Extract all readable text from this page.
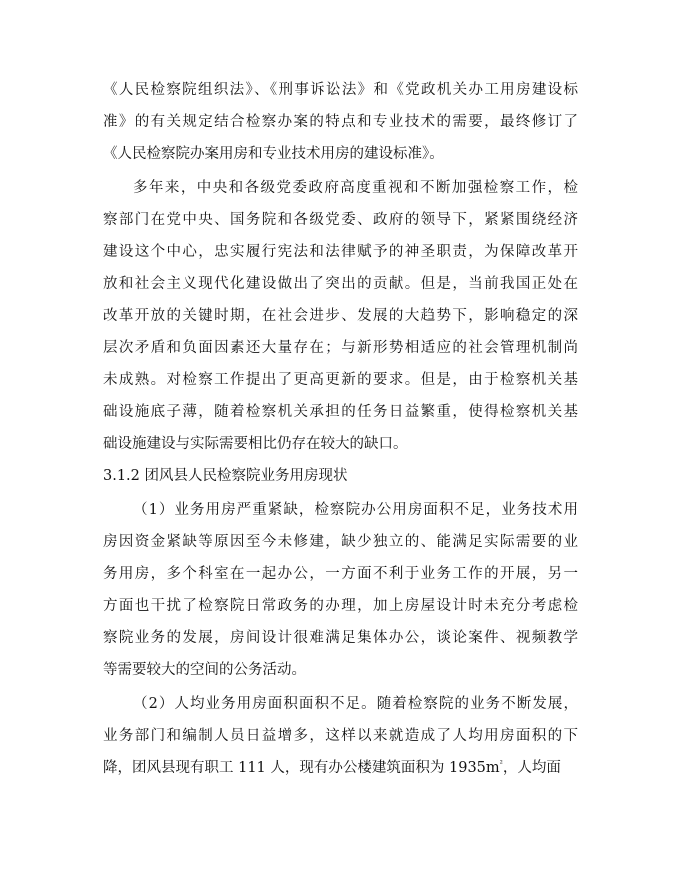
《人民检察院组织法》、《刑事诉讼法》和《党政机关办工用房建设标
准》的有关规定结合检察办案的特点和专业技术的需要，最终修订了
《人民检察院办案用房和专业技术用房的建设标准》。
多年来，中央和各级党委政府高度重视和不断加强检察工作，检
察部门在党中央、国务院和各级党委、政府的领导下，紧紧围绕经济
建设这个中心，忠实履行宪法和法律赋予的神圣职责，为保障改革开
放和社会主义现代化建设做出了突出的贡献。但是，当前我国正处在
改革开放的关键时期，在社会进步、发展的大趋势下，影响稳定的深
层次矛盾和负面因素还大量存在；与新形势相适应的社会管理机制尚
未成熟。对检察工作提出了更高更新的要求。但是，由于检察机关基
础设施底子薄，随着检察机关承担的任务日益繁重，使得检察机关基
础设施建设与实际需要相比仍存在较大的缺口。
3.1.2 团风县人民检察院业务用房现状
（1）业务用房严重紧缺，检察院办公用房面积不足，业务技术用
房因资金紧缺等原因至今未修建，缺少独立的、能满足实际需要的业
务用房，多个科室在一起办公，一方面不利于业务工作的开展，另一
方面也干扰了检察院日常政务的办理，加上房屋设计时未充分考虑检
察院业务的发展，房间设计很难满足集体办公，谈论案件、视频教学
等需要较大的空间的公务活动。
（2）人均业务用房面积面积不足。随着检察院的业务不断发展，
业务部门和编制人员日益增多，这样以来就造成了人均用房面积的下
降，团风县现有职工 111 人，现有办公楼建筑面积为 $1935m^{^2}$，人均面
